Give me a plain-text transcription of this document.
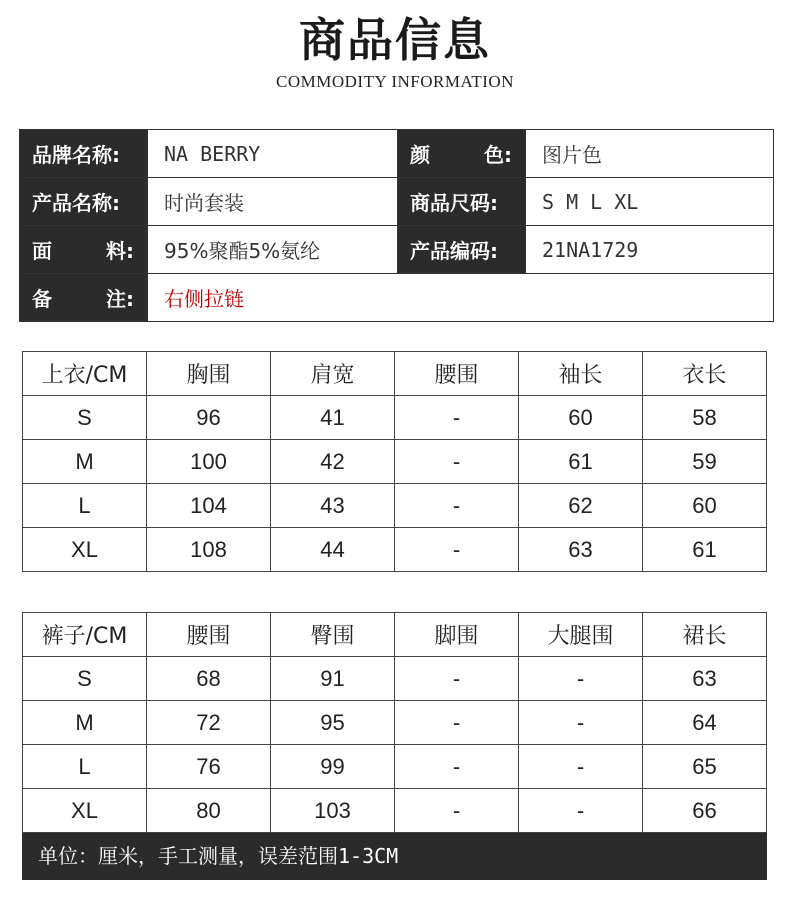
商品信息
COMMODITY INFORMATION
品牌名称:	NA BERRY	颜 色:	图片色
产品名称:	时尚套装	商品尺码:	S M L XL

面 料:	95%聚酯5%氨纶	产品编码:	21NA1729

备 注:	右侧拉链		
上衣/CM	胸围	肩宽	腰围	袖长	衣长
S	96	41	-	60	58
M	100	42	-	61	59
L	104	43	-	62	60
XL	108	44	-	63	61
裤子/CM	腰围	臀围	脚围	大腿围	裙长
S	68	91	-	-	63
M	72	95	-	-	64
L	76	99	-	-	65
XL	80	103	-	-	66
单位：厘米，手工测量，误差范围1-3CM
